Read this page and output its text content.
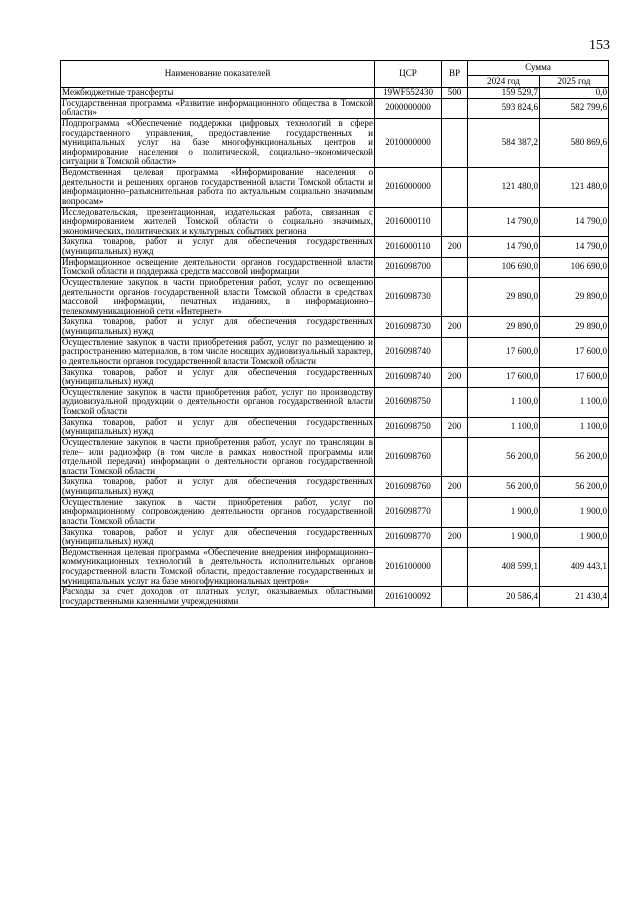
153
Наименование показателей	ЦСР	ВР	Сумма	
			2024 год	2025 год
Межбюджетные трансферты	19WF552430	500	159 529,7	0,0
Государственная программа «Развитие информационного общества в Томской области»	2000000000		593 824,6	582 799,6
Подпрограмма «Обеспечение поддержки цифровых технологий в сфере государственного управления, предоставление государственных и муниципальных услуг на базе многофункциональных центров и информирование населения о политической, социально–экономической ситуации в Томской области»	2010000000		584 387,2	580 869,6
Ведомственная целевая программа «Информирование населения о деятельности и решениях органов государственной власти Томской области и информационно–разъяснительная работа по актуальным социально значимым вопросам»	2016000000		121 480,0	121 480,0
Исследовательская, презентационная, издательская работа, связанная с информированием жителей Томской области о социально значимых, экономических, политических и культурных событиях региона	2016000110		14 790,0	14 790,0
Закупка товаров, работ и услуг для обеспечения государственных (муниципальных) нужд	2016000110	200	14 790,0	14 790,0
Информационное освещение деятельности органов государственной власти Томской области и поддержка средств массовой информации	2016098700		106 690,0	106 690,0
Осуществление закупок в части приобретения работ, услуг по освещению деятельности органов государственной власти Томской области в средствах массовой информации, печатных изданиях, в информационно–телекоммуникационной сети «Интернет»	2016098730		29 890,0	29 890,0
Закупка товаров, работ и услуг для обеспечения государственных (муниципальных) нужд	2016098730	200	29 890,0	29 890,0
Осуществление закупок в части приобретения работ, услуг по размещению и распространению материалов, в том числе носящих аудиовизуальный характер, о деятельности органов государственной власти Томской области	2016098740		17 600,0	17 600,0
Закупка товаров, работ и услуг для обеспечения государственных (муниципальных) нужд	2016098740	200	17 600,0	17 600,0
Осуществление закупок в части приобретения работ, услуг по производству аудиовизуальной продукции о деятельности органов государственной власти Томской области	2016098750		1 100,0	1 100,0
Закупка товаров, работ и услуг для обеспечения государственных (муниципальных) нужд	2016098750	200	1 100,0	1 100,0
Осуществление закупок в части приобретения работ, услуг по трансляции в теле– или радиоэфир (в том числе в рамках новостной программы или отдельной передачи) информации о деятельности органов государственной власти Томской области	2016098760		56 200,0	56 200,0
Закупка товаров, работ и услуг для обеспечения государственных (муниципальных) нужд	2016098760	200	56 200,0	56 200,0
Осуществление закупок в части приобретения работ, услуг по информационному сопровождению деятельности органов государственной власти Томской области	2016098770		1 900,0	1 900,0
Закупка товаров, работ и услуг для обеспечения государственных (муниципальных) нужд	2016098770	200	1 900,0	1 900,0
Ведомственная целевая программа «Обеспечение внедрения информационно–коммуникационных технологий в деятельность исполнительных органов государственной власти Томской области, предоставление государственных и муниципальных услуг на базе многофункциональных центров»	2016100000		408 599,1	409 443,1
Расходы за счет доходов от платных услуг, оказываемых областными государственными казенными учреждениями	2016100092		20 586,4	21 430,4
